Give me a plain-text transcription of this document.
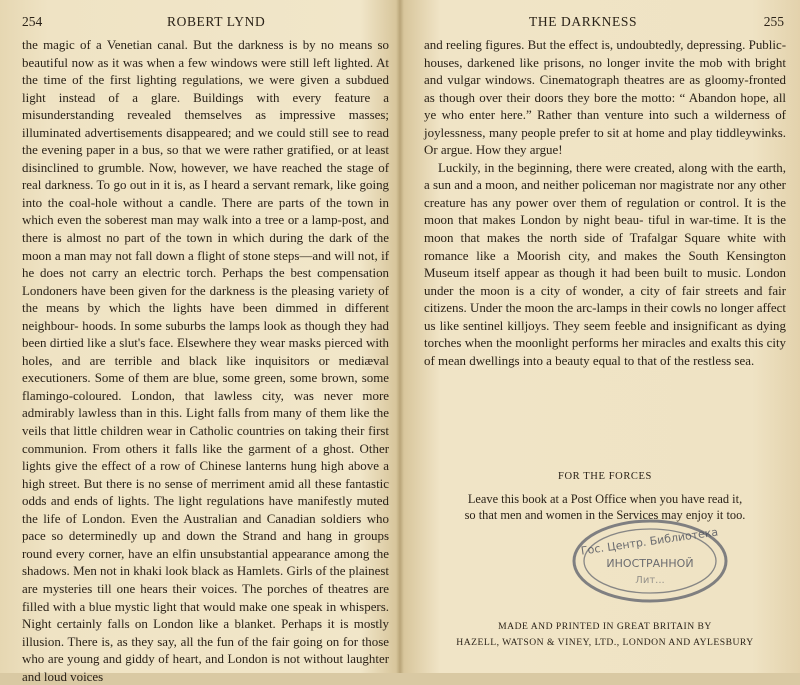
254	ROBERT LYND
the magic of a Venetian canal. But the darkness is by no means so beautiful now as it was when a few windows were still left lighted. At the time of the first lighting regulations, we were given a subdued light instead of a glare. Buildings with every feature a misunderstanding revealed themselves as impressive masses; illuminated advertisements disappeared; and we could still see to read the evening paper in a bus, so that we were rather gratified, or at least disinclined to grumble. Now, however, we have reached the stage of real darkness. To go out in it is, as I heard a servant remark, like going into the coal-hole without a candle. There are parts of the town in which even the soberest man may walk into a tree or a lamp-post, and there is almost no part of the town in which during the dark of the moon a man may not fall down a flight of stone steps—and will not, if he does not carry an electric torch. Perhaps the best compensation Londoners have been given for the darkness is the pleasing variety of the means by which the lights have been dimmed in different neighbour- hoods. In some suburbs the lamps look as though they had been dirtied like a slut's face. Elsewhere they wear masks pierced with holes, and are terrible and black like inquisitors or mediæval executioners. Some of them are blue, some green, some brown, some flamingo-coloured. London, that lawless city, was never more admirably lawless than in this. Light falls from many of them like the veils that little children wear in Catholic countries on taking their first communion. From others it falls like the garment of a ghost. Other lights give the effect of a row of Chinese lanterns hung high above a high street. But there is no sense of merriment amid all these fantastic odds and ends of lights. The light regulations have manifestly muted the life of London. Even the Australian and Canadian soldiers who pace so determinedly up and down the Strand and hang in groups round every corner, have an elfin unsubstantial appearance among the shadows. Men not in khaki look black as Hamlets. Girls of the plainest are mysteries till one hears their voices. The porches of theatres are filled with a blue mystic light that would make one speak in whispers. Night certainly falls on London like a blanket. Perhaps it is mostly illusion. There is, as they say, all the fun of the fair going on for those who are young and giddy of heart, and London is not without laughter and loud voices
THE DARKNESS	255

and reeling figures. But the effect is, undoubtedly, depressing. Public-houses, darkened like prisons, no longer invite the mob with bright and vulgar windows. Cinematograph theatres are as gloomy-fronted as though over their doors they bore the motto: “ Abandon hope, all ye who enter here.” Rather than venture into such a wilderness of joylessness, many people prefer to sit at home and play tiddleywinks. Or argue. How they argue!

Luckily, in the beginning, there were created, along with the earth, a sun and a moon, and neither policeman nor magistrate nor any other creature has any power over them of regulation or control. It is the moon that makes London by night beau- tiful in war-time. It is the moon that makes the north side of Trafalgar Square white with romance like a Moorish city, and makes the South Kensington Museum itself appear as though it had been built to music. London under the moon is a city of wonder, a city of fair streets and fair citizens. Under the moon the arc-lamps in their cowls no longer affect us like sentinel killjoys. They seem feeble and insignificant as dying torches when the moonlight performs her miracles and exalts this city of mean dwellings into a beauty equal to that of the restless sea.

FOR THE FORCES
Leave this book at a Post Office when you have read it,
so that men and women in the Services may enjoy it too.
Гос. Центр. Библиотека
ИНОСТРАННОЙ
Лит...
MADE AND PRINTED IN GREAT BRITAIN BY
HAZELL, WATSON & VINEY, LTD., LONDON AND AYLESBURY
